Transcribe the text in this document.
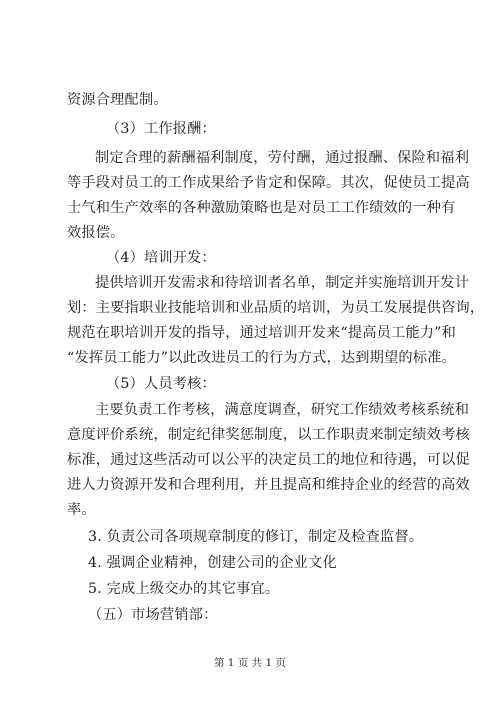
资源合理配制。
（3）工作报酬：
制定合理的薪酬福利制度，劳付酬，通过报酬、保险和福利
等手段对员工的工作成果给予肯定和保障。其次，促使员工提高
士气和生产效率的各种激励策略也是对员工工作绩效的一种有
效报偿。
（4）培训开发：
提供培训开发需求和待培训者名单，制定并实施培训开发计
划：主要指职业技能培训和业品质的培训，为员工发展提供咨询，
规范在职培训开发的指导，通过培训开发来“提高员工能力”和
“发挥员工能力”以此改进员工的行为方式，达到期望的标准。
（5）人员考核：
主要负责工作考核，满意度调查，研究工作绩效考核系统和
意度评价系统，制定纪律奖惩制度，以工作职责来制定绩效考核
标准，通过这些活动可以公平的决定员工的地位和待遇，可以促
进人力资源开发和合理利用，并且提高和维持企业的经营的高效
率。
3. 负责公司各项规章制度的修订，制定及检查监督。
4. 强调企业精神，创建公司的企业文化
5. 完成上级交办的其它事宜。
（五）市场营销部：
第 1 页 共 1 页
